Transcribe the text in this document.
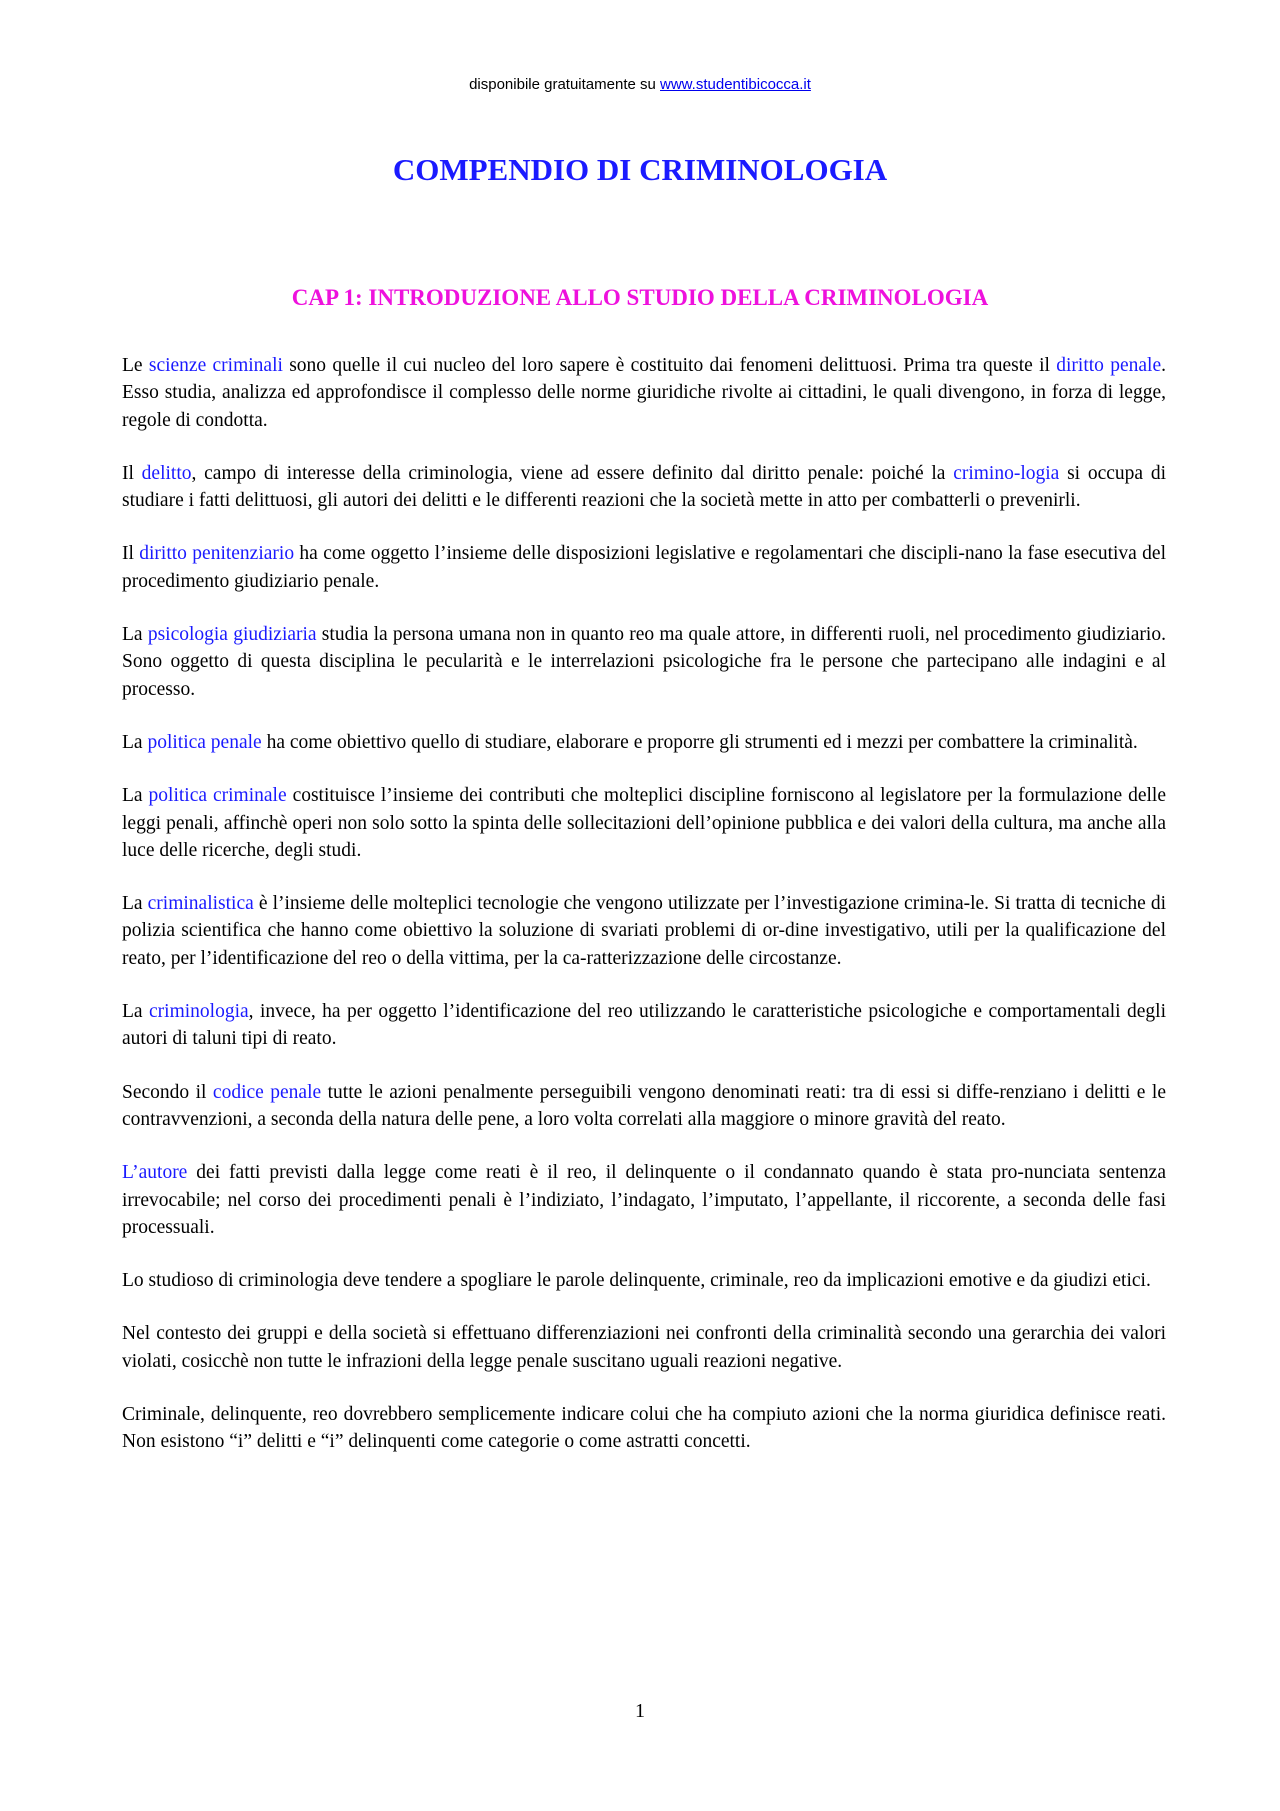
disponibile gratuitamente su www.studentibicocca.it
COMPENDIO DI CRIMINOLOGIA
CAP 1: INTRODUZIONE ALLO STUDIO DELLA CRIMINOLOGIA

Le scienze criminali sono quelle il cui nucleo del loro sapere è costituito dai fenomeni delittuosi. Prima tra queste il diritto penale. Esso studia, analizza ed approfondisce il complesso delle norme giuridiche rivolte ai cittadini, le quali divengono, in forza di legge, regole di condotta.

Il delitto, campo di interesse della criminologia, viene ad essere definito dal diritto penale: poiché la crimino-logia si occupa di studiare i fatti delittuosi, gli autori dei delitti e le differenti reazioni che la società mette in atto per combatterli o prevenirli.

Il diritto penitenziario ha come oggetto l’insieme delle disposizioni legislative e regolamentari che discipli-nano la fase esecutiva del procedimento giudiziario penale.

La psicologia giudiziaria studia la persona umana non in quanto reo ma quale attore, in differenti ruoli, nel procedimento giudiziario. Sono oggetto di questa disciplina le pecularità e le interrelazioni psicologiche fra le persone che partecipano alle indagini e al processo.

La politica penale ha come obiettivo quello di studiare, elaborare e proporre gli strumenti ed i mezzi per combattere la criminalità.

La politica criminale costituisce l’insieme dei contributi che molteplici discipline forniscono al legislatore per la formulazione delle leggi penali, affinchè operi non solo sotto la spinta delle sollecitazioni dell’opinione pubblica e dei valori della cultura, ma anche alla luce delle ricerche, degli studi.

La criminalistica è l’insieme delle molteplici tecnologie che vengono utilizzate per l’investigazione crimina-le. Si tratta di tecniche di polizia scientifica che hanno come obiettivo la soluzione di svariati problemi di or-dine investigativo, utili per la qualificazione del reato, per l’identificazione del reo o della vittima, per la ca-ratterizzazione delle circostanze.

La criminologia, invece, ha per oggetto l’identificazione del reo utilizzando le caratteristiche psicologiche e comportamentali degli autori di taluni tipi di reato.

Secondo il codice penale tutte le azioni penalmente perseguibili vengono denominati reati: tra di essi si diffe-renziano i delitti e le contravvenzioni, a seconda della natura delle pene, a loro volta correlati alla maggiore o minore gravità del reato.

L’autore dei fatti previsti dalla legge come reati è il reo, il delinquente o il condannato quando è stata pro-nunciata sentenza irrevocabile; nel corso dei procedimenti penali è l’indiziato, l’indagato, l’imputato, l’appellante, il riccorente, a seconda delle fasi processuali.

Lo studioso di criminologia deve tendere a spogliare le parole delinquente, criminale, reo da implicazioni emotive e da giudizi etici.

Nel contesto dei gruppi e della società si effettuano differenziazioni nei confronti della criminalità secondo una gerarchia dei valori violati, cosicchè non tutte le infrazioni della legge penale suscitano uguali reazioni negative.

Criminale, delinquente, reo dovrebbero semplicemente indicare colui che ha compiuto azioni che la norma giuridica definisce reati. Non esistono “i” delitti e “i” delinquenti come categorie o come astratti concetti.

1
